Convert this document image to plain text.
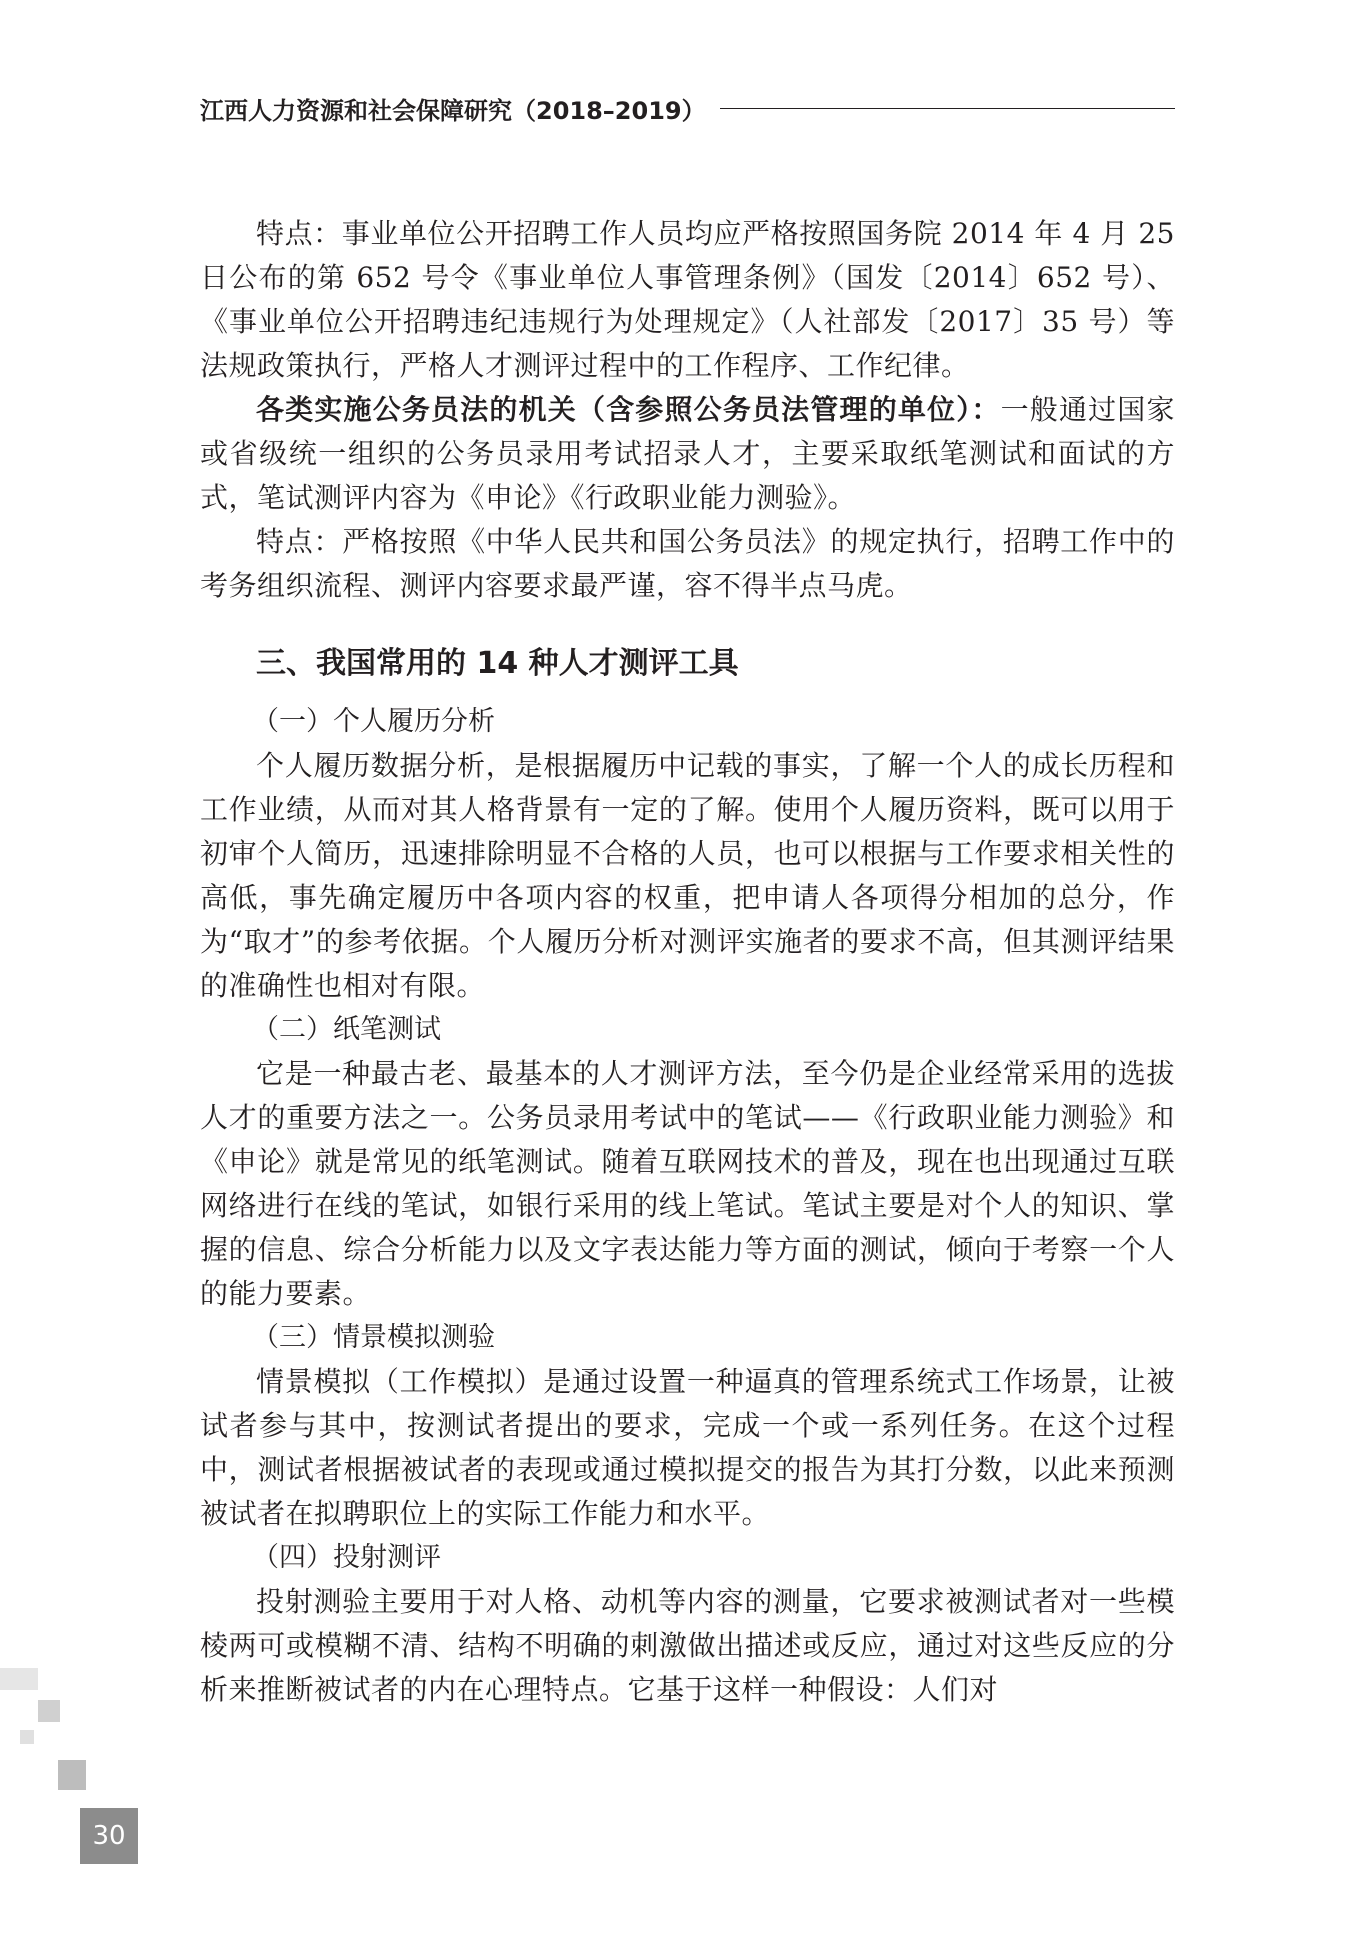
江西人力资源和社会保障研究（2018–2019）

特点：事业单位公开招聘工作人员均应严格按照国务院 2014 年 4 月 25 日公布的第 652 号令《事业单位人事管理条例》（国发〔2014〕652 号）、《事业单位公开招聘违纪违规行为处理规定》（人社部发〔2017〕35 号）等法规政策执行，严格人才测评过程中的工作程序、工作纪律。

各类实施公务员法的机关（含参照公务员法管理的单位）：一般通过国家或省级统一组织的公务员录用考试招录人才，主要采取纸笔测试和面试的方式，笔试测评内容为《申论》《行政职业能力测验》。

特点：严格按照《中华人民共和国公务员法》的规定执行，招聘工作中的考务组织流程、测评内容要求最严谨，容不得半点马虎。

三、我国常用的 14 种人才测评工具
（一）个人履历分析

个人履历数据分析，是根据履历中记载的事实，了解一个人的成长历程和工作业绩，从而对其人格背景有一定的了解。使用个人履历资料，既可以用于初审个人简历，迅速排除明显不合格的人员，也可以根据与工作要求相关性的高低，事先确定履历中各项内容的权重，把申请人各项得分相加的总分，作为“取才”的参考依据。个人履历分析对测评实施者的要求不高，但其测评结果的准确性也相对有限。

（二）纸笔测试

它是一种最古老、最基本的人才测评方法，至今仍是企业经常采用的选拔人才的重要方法之一。公务员录用考试中的笔试——《行政职业能力测验》和《申论》就是常见的纸笔测试。随着互联网技术的普及，现在也出现通过互联网络进行在线的笔试，如银行采用的线上笔试。笔试主要是对个人的知识、掌握的信息、综合分析能力以及文字表达能力等方面的测试，倾向于考察一个人的能力要素。

（三）情景模拟测验

情景模拟（工作模拟）是通过设置一种逼真的管理系统式工作场景，让被试者参与其中，按测试者提出的要求，完成一个或一系列任务。在这个过程中，测试者根据被试者的表现或通过模拟提交的报告为其打分数，以此来预测被试者在拟聘职位上的实际工作能力和水平。

（四）投射测评

投射测验主要用于对人格、动机等内容的测量，它要求被测试者对一些模棱两可或模糊不清、结构不明确的刺激做出描述或反应，通过对这些反应的分析来推断被试者的内在心理特点。它基于这样一种假设：人们对

30
